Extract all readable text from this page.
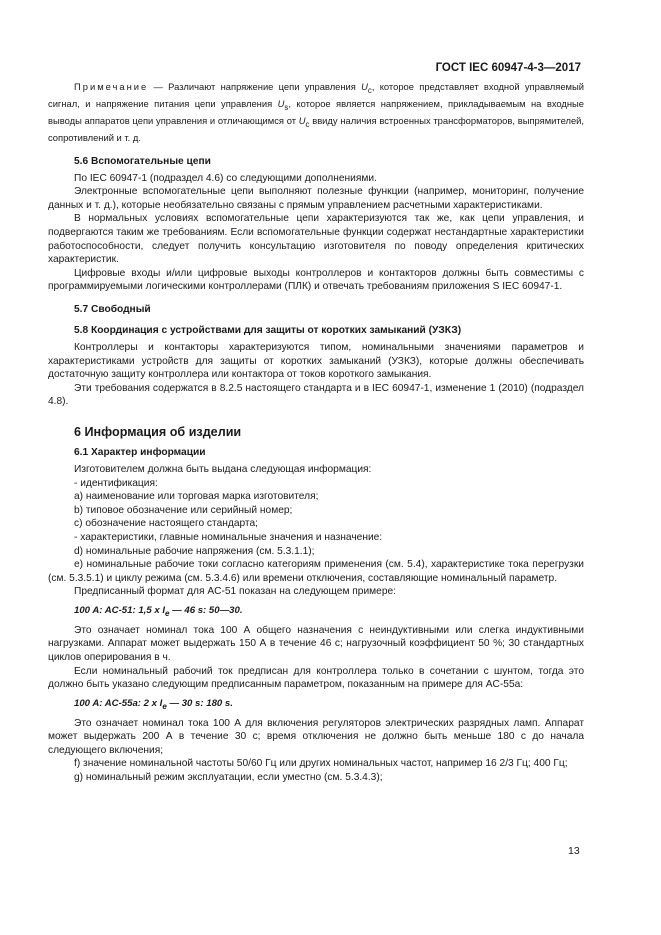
ГОСТ IEC 60947-4-3—2017

Примечание — Различают напряжение цепи управления $U_c$, которое представляет входной управляемый сигнал, и напряжение питания цепи управления $U_s$, которое является напряжением, прикладываемым на входные выводы аппаратов цепи управления и отличающимся от $U_c$ ввиду наличия встроенных трансформаторов, выпрямителей, сопротивлений и т. д.

5.6 Вспомогательные цепи

По IEC 60947-1 (подраздел 4.6) со следующими дополнениями.

Электронные вспомогательные цепи выполняют полезные функции (например, мониторинг, получение данных и т. д.), которые необязательно связаны с прямым управлением расчетными характеристиками.

В нормальных условиях вспомогательные цепи характеризуются так же, как цепи управления, и подвергаются таким же требованиям. Если вспомогательные функции содержат нестандартные характеристики работоспособности, следует получить консультацию изготовителя по поводу определения критических характеристик.

Цифровые входы и/или цифровые выходы контроллеров и контакторов должны быть совместимы с программируемыми логическими контроллерами (ПЛК) и отвечать требованиям приложения S IEC 60947-1.

5.7 Свободный

5.8 Координация с устройствами для защиты от коротких замыканий (УЗКЗ)

Контроллеры и контакторы характеризуются типом, номинальными значениями параметров и характеристиками устройств для защиты от коротких замыканий (УЗКЗ), которые должны обеспечивать достаточную защиту контроллера или контактора от токов короткого замыкания.

Эти требования содержатся в 8.2.5 настоящего стандарта и в IEC 60947-1, изменение 1 (2010) (подраздел 4.8).

6 Информация об изделии

6.1 Характер информации

Изготовителем должна быть выдана следующая информация:

- идентификация:

a) наименование или торговая марка изготовителя;

b) типовое обозначение или серийный номер;

c) обозначение настоящего стандарта;

- характеристики, главные номинальные значения и назначение:

d) номинальные рабочие напряжения (см. 5.3.1.1);

e) номинальные рабочие токи согласно категориям применения (см. 5.4), характеристике тока перегрузки (см. 5.3.5.1) и циклу режима (см. 5.3.4.6) или времени отключения, составляющие номинальный параметр.

Предписанный формат для AC-51 показан на следующем примере:

100 A: AC-51: 1,5 x $I_e$ — 46 s: 50—30.

Это означает номинал тока 100 А общего назначения с неиндуктивными или слегка индуктивными нагрузками. Аппарат может выдержать 150 А в течение 46 с; нагрузочный коэффициент 50 %; 30 стандартных циклов оперирования в ч.

Если номинальный рабочий ток предписан для контроллера только в сочетании с шунтом, тогда это должно быть указано следующим предписанным параметром, показанным на примере для AC-55a:

100 A: AC-55a: 2 x $I_e$ — 30 s: 180 s.

Это означает номинал тока 100 А для включения регуляторов электрических разрядных ламп. Аппарат может выдержать 200 А в течение 30 с; время отключения не должно быть меньше 180 с до начала следующего включения;

f) значение номинальной частоты 50/60 Гц или других номинальных частот, например 16 2/3 Гц; 400 Гц;

g) номинальный режим эксплуатации, если уместно (см. 5.3.4.3);

13
